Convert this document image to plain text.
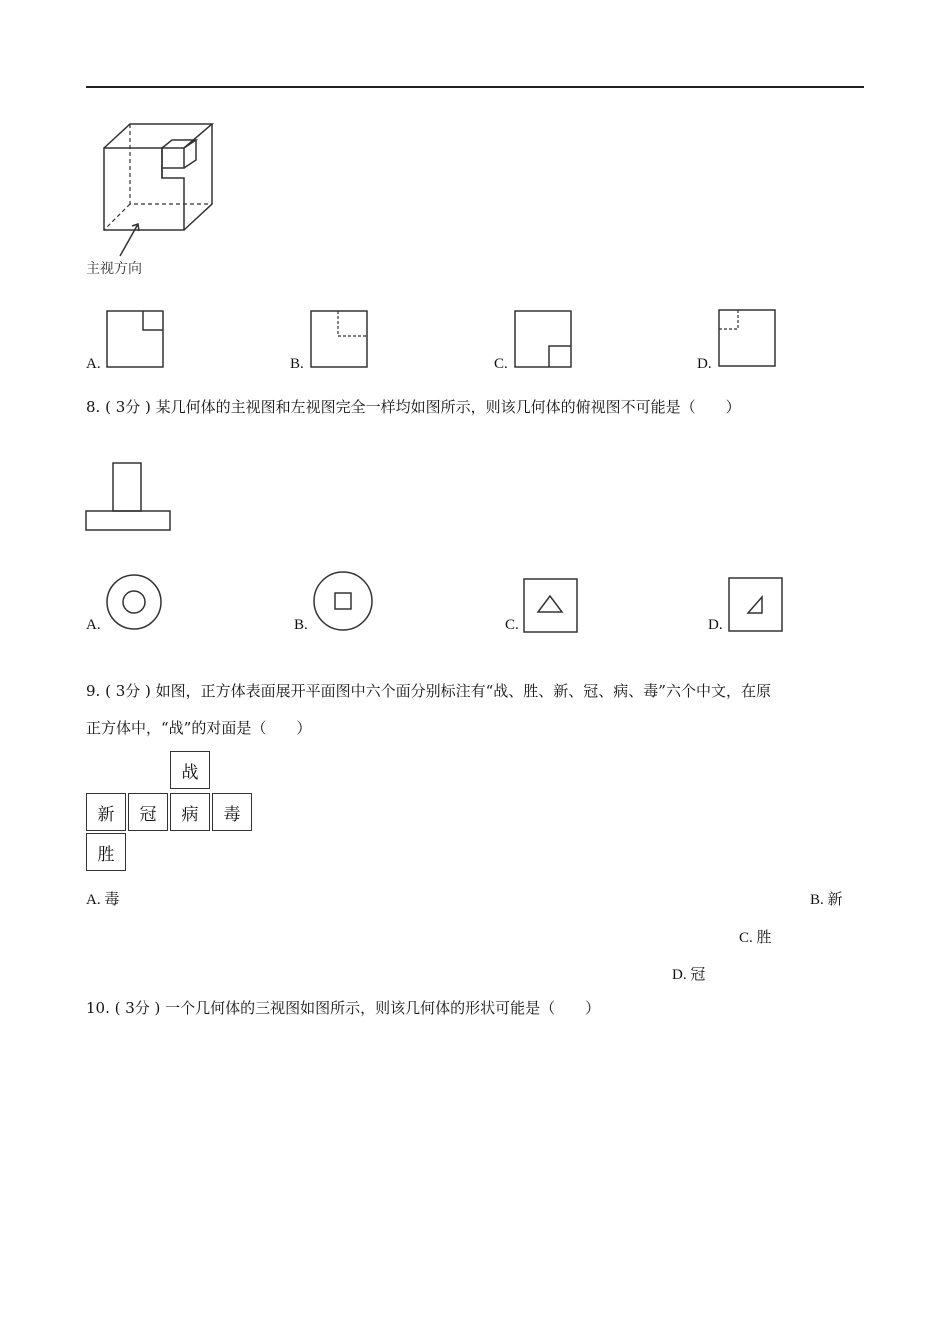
主视方向
A.	B.	C.	D.
8. ( 3分 ) 某几何体的主视图和左视图完全一样均如图所示，则该几何体的俯视图不可能是（　　）
A.	B.	C.	D.
9. ( 3分 ) 如图，正方体表面展开平面图中六个面分别标注有“战、胜、新、冠、病、毒”六个中文，在原
正方体中，“战”的对面是（　　）
战
新	冠	病	毒
胜
A. 毒	B. 新
C. 胜
D. 冠
10. ( 3分 ) 一个几何体的三视图如图所示，则该几何体的形状可能是（　　）
